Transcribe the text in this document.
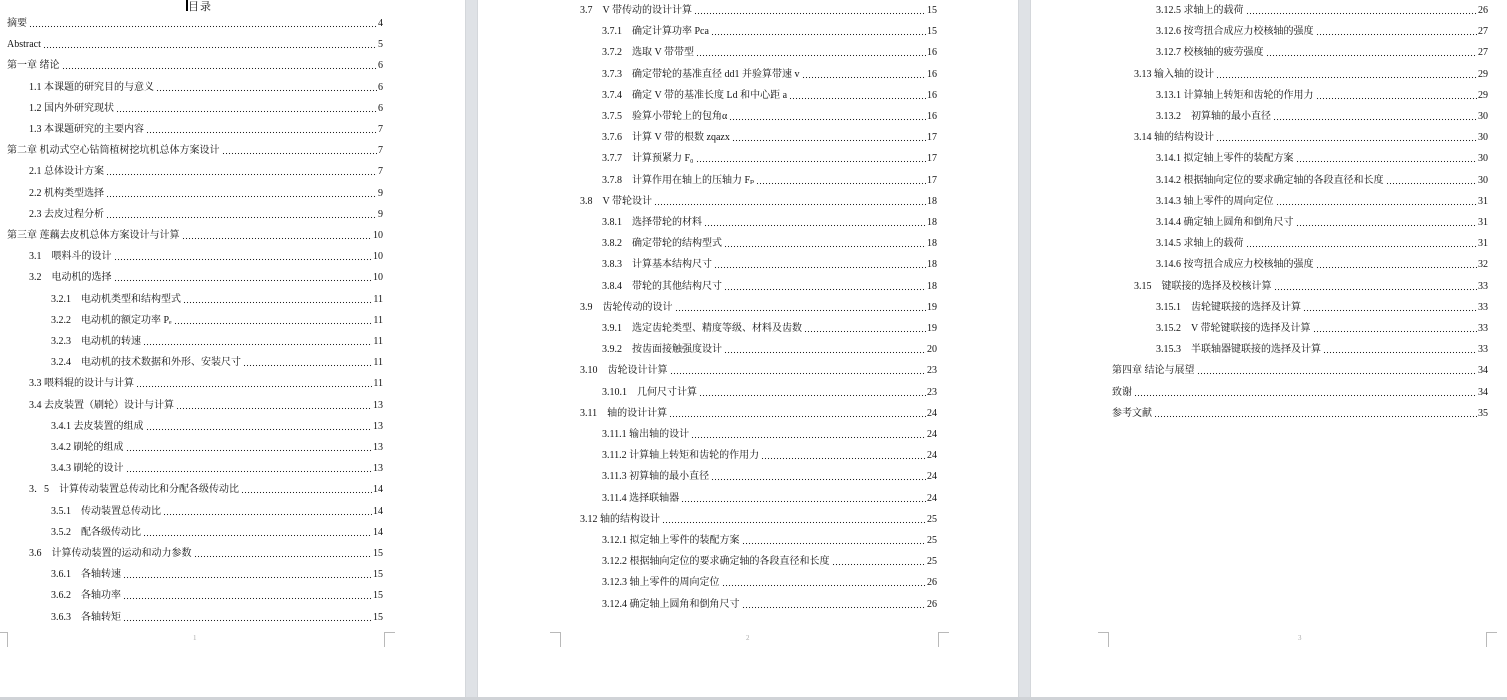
目录
摘要	4
Abstract	5
第一章 绪论	6
1.1 本课题的研究目的与意义	6
1.2 国内外研究现状	6
1.3 本课题研究的主要内容	7
第二章 机动式空心钻筒植树挖坑机总体方案设计	7
2.1 总体设计方案	7
2.2 机构类型选择	9
2.3 去皮过程分析	9
第三章 莲藕去皮机总体方案设计与计算	10
3.1　喂料斗的设计	10
3.2　电动机的选择	10
3.2.1　电动机类型和结构型式	11
3.2.2　电动机的额定功率 Pₑ	11
3.2.3　电动机的转速	11
3.2.4　电动机的技术数据和外形、安装尺寸	11
3.3 喂料辊的设计与计算	11
3.4 去皮装置（刷轮）设计与计算	13
3.4.1 去皮装置的组成	13
3.4.2 刷轮的组成	13
3.4.3 刷轮的设计	13
3．5　计算传动装置总传动比和分配各级传动比	14
3.5.1　传动装置总传动比	14
3.5.2　配各级传动比	14
3.6　计算传动装置的运动和动力参数	15
3.6.1　各轴转速	15
3.6.2　各轴功率	15
3.6.3　各轴转矩	15
1
3.7　V 带传动的设计计算	15
3.7.1　确定计算功率 Pca	15
3.7.2　选取 V 带带型	16
3.7.3　确定带轮的基准直径 dd1 并验算带速 v	16
3.7.4　确定 V 带的基准长度 Ld 和中心距 a	16
3.7.5　验算小带轮上的包角α	16
3.7.6　计算 V 带的根数 zqazx	17
3.7.7　计算预紧力 F₀	17
3.7.8　计算作用在轴上的压轴力 Fₚ	17
3.8　V 带轮设计	18
3.8.1　选择带轮的材料	18
3.8.2　确定带轮的结构型式	18
3.8.3　计算基本结构尺寸	18
3.8.4　带轮的其他结构尺寸	18
3.9　齿轮传动的设计	19
3.9.1　选定齿轮类型、精度等级、材料及齿数	19
3.9.2　按齿面接触强度设计	20
3.10　齿轮设计计算	23
3.10.1　几何尺寸计算	23
3.11　轴的设计计算	24
3.11.1 输出轴的设计	24
3.11.2 计算轴上转矩和齿轮的作用力	24
3.11.3 初算轴的最小直径	24
3.11.4 选择联轴器	24
3.12 轴的结构设计	25
3.12.1 拟定轴上零件的装配方案	25
3.12.2 根据轴向定位的要求确定轴的各段直径和长度	25
3.12.3 轴上零件的周向定位	26
3.12.4 确定轴上圆角和倒角尺寸	26
2
3.12.5 求轴上的载荷	26
3.12.6 按弯扭合成应力校核轴的强度	27
3.12.7 校核轴的疲劳强度	27
3.13 输入轴的设计	29
3.13.1 计算轴上转矩和齿轮的作用力	29
3.13.2　初算轴的最小直径	30
3.14 轴的结构设计	30
3.14.1 拟定轴上零件的装配方案	30
3.14.2 根据轴向定位的要求确定轴的各段直径和长度	30
3.14.3 轴上零件的周向定位	31
3.14.4 确定轴上圆角和倒角尺寸	31
3.14.5 求轴上的载荷	31
3.14.6 按弯扭合成应力校核轴的强度	32
3.15　键联接的选择及校核计算	33
3.15.1　齿轮键联接的选择及计算	33
3.15.2　V 带轮键联接的选择及计算	33
3.15.3　半联轴器键联接的选择及计算	33
第四章 结论与展望	34
致谢	34
参考文献	35
3
